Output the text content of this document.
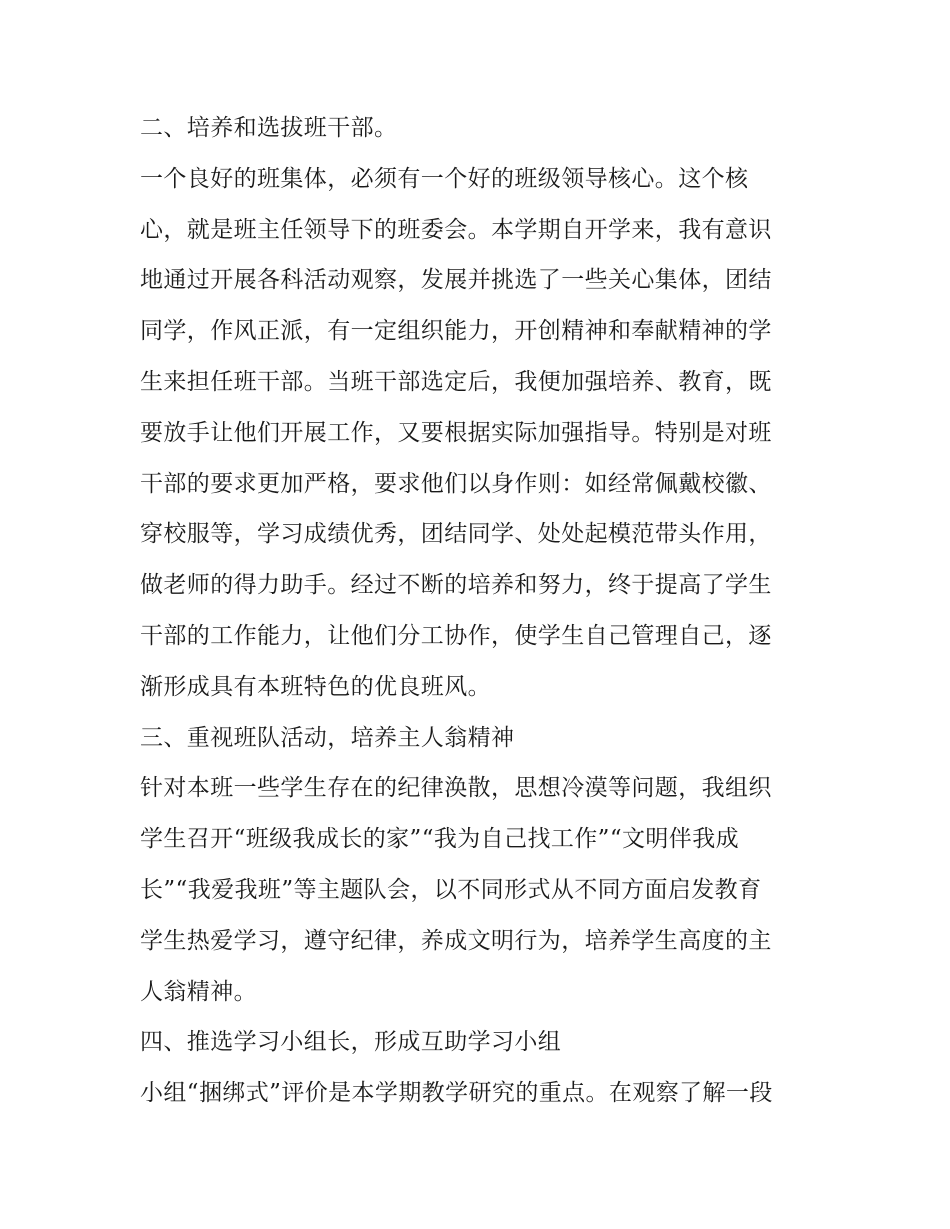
二、培养和选拔班干部。
一个良好的班集体，必须有一个好的班级领导核心。这个核
心，就是班主任领导下的班委会。本学期自开学来，我有意识
地通过开展各科活动观察，发展并挑选了一些关心集体，团结
同学，作风正派，有一定组织能力，开创精神和奉献精神的学
生来担任班干部。当班干部选定后，我便加强培养、教育，既
要放手让他们开展工作，又要根据实际加强指导。特别是对班
干部的要求更加严格，要求他们以身作则：如经常佩戴校徽、
穿校服等，学习成绩优秀，团结同学、处处起模范带头作用，
做老师的得力助手。经过不断的培养和努力，终于提高了学生
干部的工作能力，让他们分工协作，使学生自己管理自己，逐
渐形成具有本班特色的优良班风。
三、重视班队活动，培养主人翁精神
针对本班一些学生存在的纪律涣散，思想冷漠等问题，我组织
学生召开“班级我成长的家”“我为自己找工作”“文明伴我成
长”“我爱我班”等主题队会，以不同形式从不同方面启发教育
学生热爱学习，遵守纪律，养成文明行为，培养学生高度的主
人翁精神。
四、推选学习小组长，形成互助学习小组
小组“捆绑式”评价是本学期教学研究的重点。在观察了解一段
